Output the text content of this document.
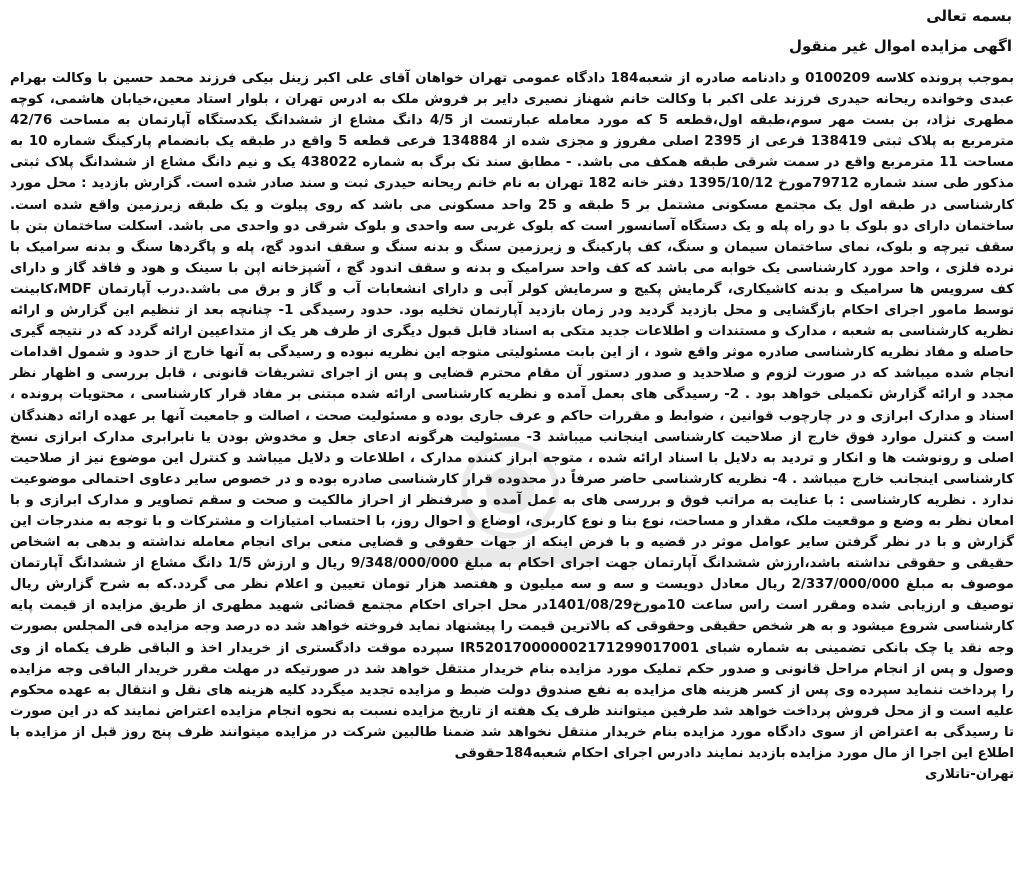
بسمه تعالی
اگهی مزایده اموال غیر منقول

بموجب پرونده کلاسه 0100209 و دادنامه صادره از شعبه184 دادگاه عمومی تهران خواهان آقای علی اکبر زینل بیکی فرزند محمد حسین با وکالت بهرام عبدی وخوانده ریحانه حیدری فرزند علی اکبر با وکالت خانم شهناز نصیری دایر بر فروش ملک به ادرس تهران ، بلوار استاد معین،خیابان هاشمی، کوچه مطهری نژاد، بن بست مهر سوم،طبقه اول،قطعه 5 که مورد معامله عبارتست از 4/5 دانگ مشاع از ششدانگ یکدستگاه آپارتمان به مساحت 42/76 مترمربع به پلاک ثبتی 138419 فرعی از 2395 اصلی مفروز و مجزی شده از 134884 فرعی قطعه 5 واقع در طبقه یک بانضمام پارکینگ شماره 10 به مساحت 11 مترمربع واقع در سمت شرقی طبقه همکف می باشد. - مطابق سند تک برگ به شماره 438022 یک و نیم دانگ مشاع از ششدانگ پلاک ثبتی مذکور طی سند شماره 79712مورخ 1395/10/12 دفتر خانه 182 تهران به نام خانم ریحانه حیدری ثبت و سند صادر شده است. گزارش بازدید : محل مورد کارشناسی در طبقه اول یک مجتمع مسکونی مشتمل بر 5 طبقه و 25 واحد مسکونی می باشد که روی پیلوت و یک طبقه زیرزمین واقع شده است. ساختمان دارای دو بلوک با دو راه پله و یک دستگاه آسانسور است که بلوک غربی سه واحدی و بلوک شرقی دو واحدی می باشد. اسکلت ساختمان بتن با سقف تیرچه و بلوک، نمای ساختمان سیمان و سنگ، کف پارکینگ و زیرزمین سنگ و بدنه سنگ و سقف اندود گچ، پله و پاگردها سنگ و بدنه سرامیک با نرده فلزی ، واحد مورد کارشناسی یک خوابه می باشد که کف واحد سرامیک و بدنه و سقف اندود گچ ، آشپزخانه اپن با سینک و هود و فاقد گاز و دارای کف سرویس ها سرامیک و بدنه کاشیکاری، گرمایش پکیج و سرمایش کولر آبی و دارای انشعابات آب و گاز و برق می باشد.درب آپارتمان MDF،کابینت توسط مامور اجرای احکام بازگشایی و محل بازدید گردید ودر زمان بازدید آپارتمان تخلیه بود. حدود رسیدگی 1- چنانچه بعد از تنظیم این گزارش و ارائه نظریه کارشناسی به شعبه ، مدارک و مستندات و اطلاعات جدید متکی به اسناد قابل قبول دیگری از طرف هر یک از متداعیین ارائه گردد که در نتیجه گیری حاصله و مفاد نظریه کارشناسی صادره موثر واقع شود ، از این بابت مسئولیتی متوجه این نظریه نبوده و رسیدگی به آنها خارج از حدود و شمول اقدامات انجام شده میباشد که در صورت لزوم و صلاحدید و صدور دستور آن مقام محترم قضایی و پس از اجرای تشریفات قانونی ، قابل بررسی و اظهار نظر مجدد و ارائه گزارش تکمیلی خواهد بود . 2- رسیدگی های بعمل آمده و نظریه کارشناسی ارائه شده مبتنی بر مفاد قرار کارشناسی ، محتویات پرونده ، اسناد و مدارک ابرازی و در چارچوب قوانین ، ضوابط و مقررات حاکم و عرف جاری بوده و مسئولیت صحت ، اصالت و جامعیت آنها بر عهده ارائه دهندگان است و کنترل موارد فوق خارج از صلاحیت کارشناسی اینجانب میباشد 3- مسئولیت هرگونه ادعای جعل و مخدوش بودن یا نابرابری مدارک ابرازی نسخ اصلی و رونوشت ها و انکار و تردید به دلایل با اسناد ارائه شده ، متوجه ابراز کننده مدارک ، اطلاعات و دلایل میباشد و کنترل این موضوع نیز از صلاحیت کارشناسی اینجانب خارج میباشد . 4- نظریه کارشناسی حاضر صرفاً در محدوده قرار کارشناسی صادره بوده و در خصوص سایر دعاوی احتمالی موضوعیت ندارد . نظریه کارشناسی : با عنایت به مراتب فوق و بررسی های به عمل آمده و صرفنظر از احراز مالکیت و صحت و سقم تصاویر و مدارک ابرازی و با امعان نظر به وضع و موقعیت ملک، مقدار و مساحت، نوع بنا و نوع کاربری، اوضاع و احوال روز، با احتساب امتیازات و مشترکات و با توجه به مندرجات این گزارش و با در نظر گرفتن سایر عوامل موثر در قضیه و با فرض اینکه از جهات حقوقی و قضایی منعی برای انجام معامله نداشته و بدهی به اشخاص حقیقی و حقوقی نداشته باشد،ارزش ششدانگ آپارتمان جهت اجرای احکام به مبلغ 9/348/000/000 ریال و ارزش 1/5 دانگ مشاع از ششدانگ آپارتمان موصوف به مبلغ 2/337/000/000 ریال معادل دویست و سه و سه میلیون و هفتصد هزار تومان تعیین و اعلام نظر می گردد.که به شرح گزارش ریال توصیف و ارزیابی شده ومقرر است راس ساعت 10مورخ1401/08/29در محل اجرای احکام مجتمع قضائی شهید مطهری از طریق مزایده از قیمت پایه کارشناسی شروع میشود و به هر شخص حقیقی وحقوقی که بالاترین قیمت را پیشنهاد نماید فروخته خواهد شد ده درصد وجه مزایده فی المجلس بصورت وجه نقد یا چک بانکی تضمینی به شماره شبای IR520170000002171299017001 سپرده موقت دادگستری از خریدار اخذ و الباقی ظرف یکماه از وی وصول و پس از انجام مراحل قانونی و صدور حکم تملیک مورد مزایده بنام خریدار منتقل خواهد شد در صورتیکه در مهلت مقرر خریدار الباقی وجه مزایده را پرداخت ننماید سپرده وی پس از کسر هزینه های مزایده به نفع صندوق دولت ضبط و مزایده تجدید میگردد کلیه هزینه های نقل و انتقال به عهده محکوم علیه است و از محل فروش پرداخت خواهد شد طرفین میتوانند ظرف یک هفته از تاریخ مزایده نسبت به نحوه انجام مزایده اعتراض نمایند که در این صورت تا رسیدگی به اعتراض از سوی دادگاه مورد مزایده بنام خریدار منتقل نخواهد شد ضمنا طالبین شرکت در مزایده میتوانند ظرف پنج روز قبل از مزایده با اطلاع این اجرا از مال مورد مزایده بازدید نمایند دادرس اجرای احکام شعبه184حقوقی

تهران-تاتلاری
